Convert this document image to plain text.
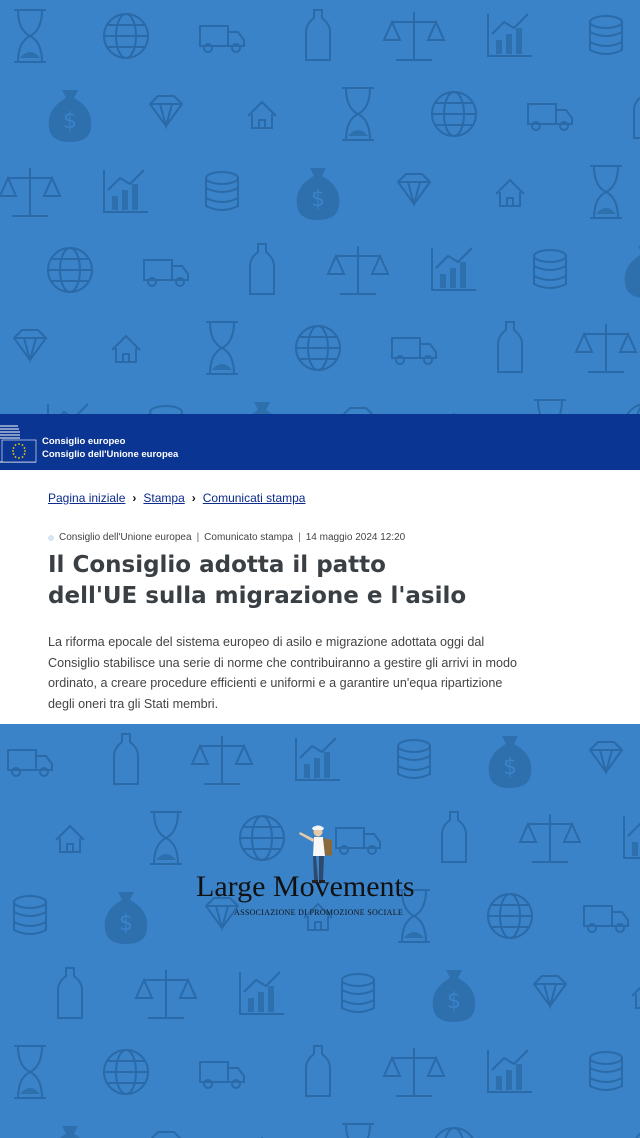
$
$
$
$
$
Consiglio europeo
Consiglio dell'Unione europea
Pagina iniziale › Stampa › Comunicati stampa
Consiglio dell'Unione europea | Comunicato stampa | 14 maggio 2024 12:20
Il Consiglio adotta il patto
dell'UE sulla migrazione e l'asilo

La riforma epocale del sistema europeo di asilo e migrazione adottata oggi dal Consiglio stabilisce una serie di norme che contribuiranno a gestire gli arrivi in modo ordinato, a creare procedure efficienti e uniformi e a garantire un'equa ripartizione degli oneri tra gli Stati membri.

Large Movements
ASSOCIAZIONE DI PROMOZIONE SOCIALE
